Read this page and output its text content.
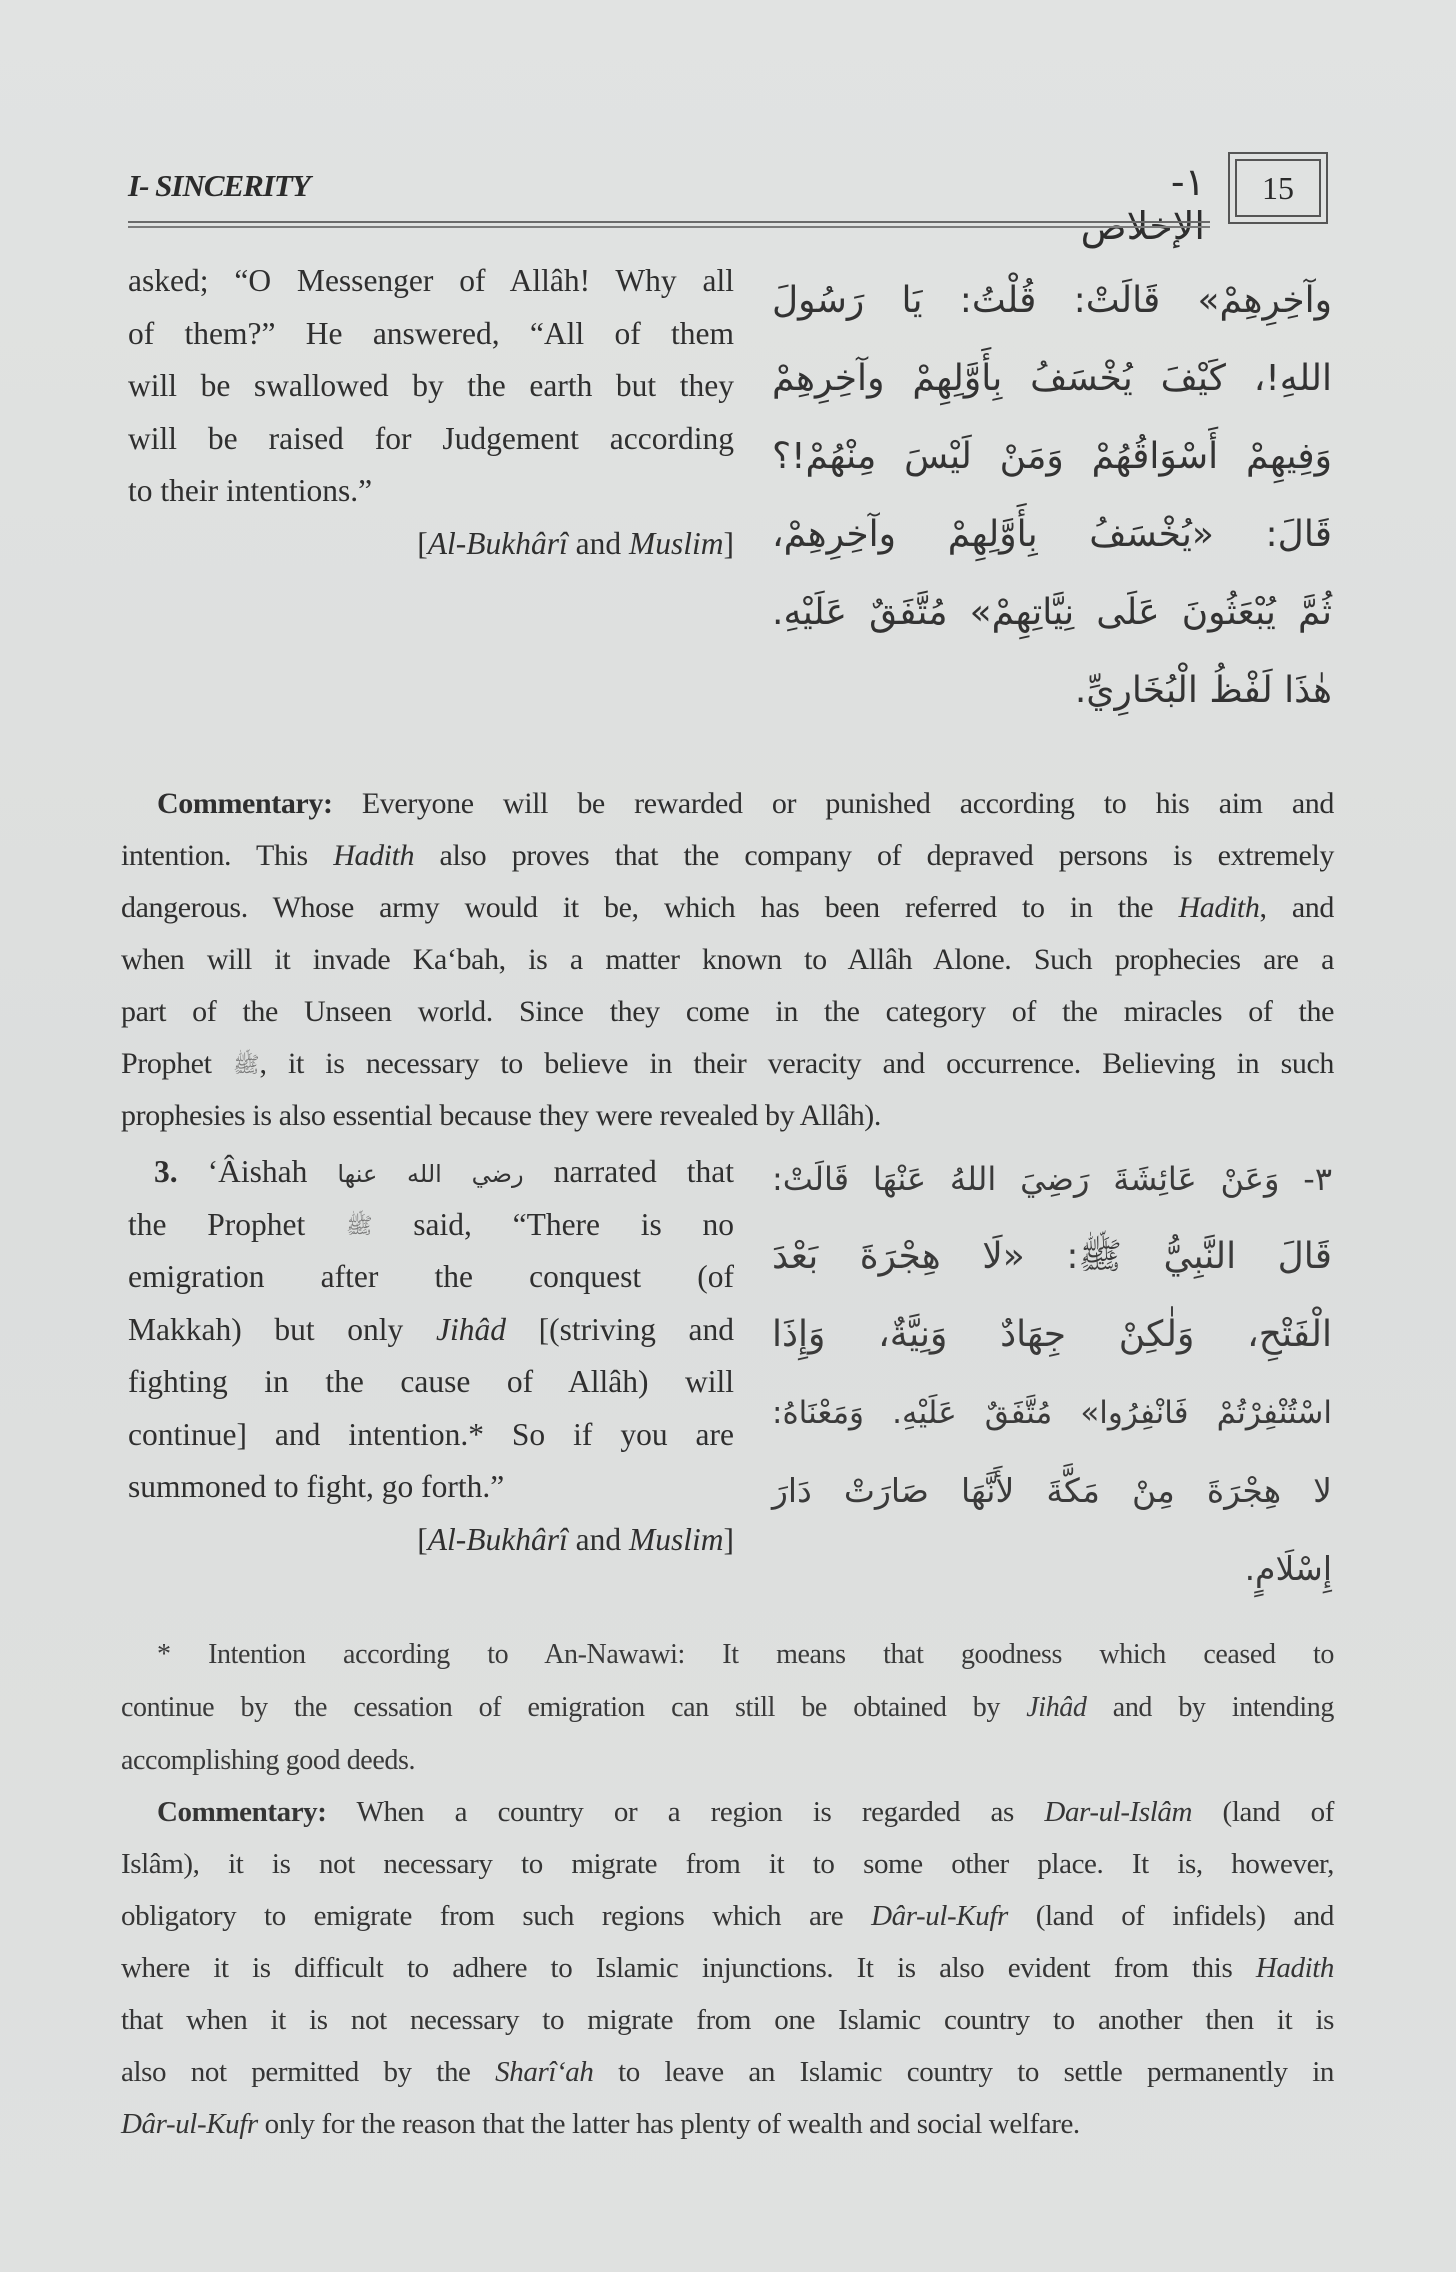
I- SINCERITY	١- الإخلاص
15
asked; “O Messenger of Allâh! Why all
of them?” He answered, “All of them
will be swallowed by the earth but they
will be raised for Judgement according
to their intentions.”
[Al-Bukhârî and Muslim]
وآخِرِهِمْ» قَالَتْ: قُلْتُ: يَا رَسُولَ
اللهِ!، كَيْفَ يُخْسَفُ بِأَوَّلِهِمْ وآخِرِهِمْ
وَفِيهِمْ أَسْوَاقُهُمْ وَمَنْ لَيْسَ مِنْهُمْ!؟
قَالَ: «يُخْسَفُ بِأَوَّلِهِمْ وآخِرِهِمْ،
ثُمَّ يُبْعَثُونَ عَلَى نِيَّاتِهِمْ» مُتَّفَقٌ عَلَيْهِ.
هٰذَا لَفْظُ الْبُخَارِيِّ.
Commentary: Everyone will be rewarded or punished according to his aim and
intention. This Hadith also proves that the company of depraved persons is extremely
dangerous. Whose army would it be, which has been referred to in the Hadith, and
when will it invade Ka‘bah, is a matter known to Allâh Alone. Such prophecies are a
part of the Unseen world. Since they come in the category of the miracles of the
Prophet ﷺ, it is necessary to believe in their veracity and occurrence. Believing in such
prophesies is also essential because they were revealed by Allâh).
3. ‘Âishah رضي الله عنها narrated that
the Prophet ﷺ said, “There is no
emigration after the conquest (of
Makkah) but only Jihâd [(striving and
fighting in the cause of Allâh) will
continue] and intention.* So if you are
summoned to fight, go forth.”
[Al-Bukhârî and Muslim]
٣- وَعَنْ عَائِشَةَ رَضِيَ اللهُ عَنْهَا قَالَتْ:
قَالَ النَّبِيُّ ﷺ: «لَا هِجْرَةَ بَعْدَ
الْفَتْحِ، وَلٰكِنْ جِهَادٌ وَنِيَّةٌ، وَإِذَا
اسْتُنْفِرْتُمْ فَانْفِرُوا» مُتَّفَقٌ عَلَيْهِ. وَمَعْنَاهُ:
لا هِجْرَةَ مِنْ مَكَّةَ لأَنَّهَا صَارَتْ دَارَ
إِسْلَامٍ.
* Intention according to An-Nawawi: It means that goodness which ceased to
continue by the cessation of emigration can still be obtained by Jihâd and by intending
accomplishing good deeds.
Commentary: When a country or a region is regarded as Dar-ul-Islâm (land of
Islâm), it is not necessary to migrate from it to some other place. It is, however,
obligatory to emigrate from such regions which are Dâr-ul-Kufr (land of infidels) and
where it is difficult to adhere to Islamic injunctions. It is also evident from this Hadith
that when it is not necessary to migrate from one Islamic country to another then it is
also not permitted by the Sharî‘ah to leave an Islamic country to settle permanently in
Dâr-ul-Kufr only for the reason that the latter has plenty of wealth and social welfare.
